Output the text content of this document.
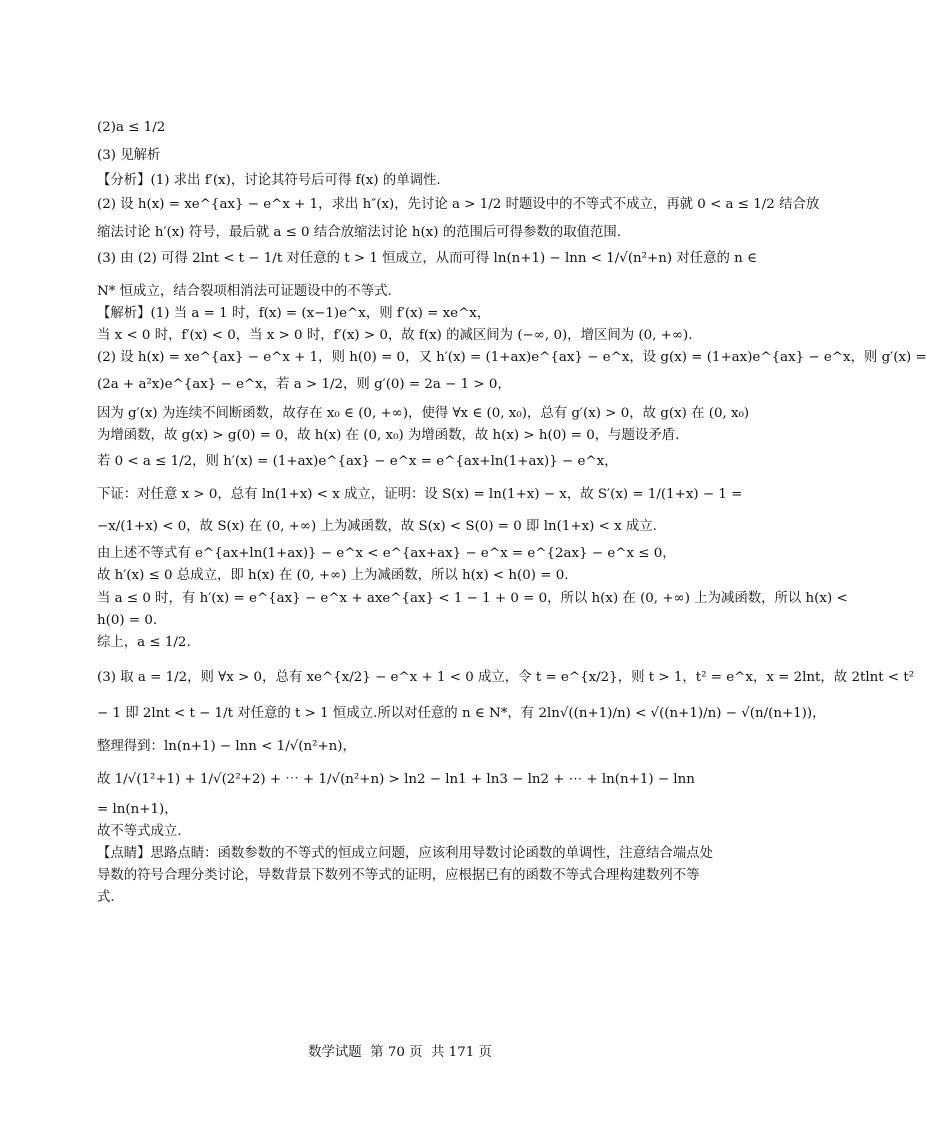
(2)a ≤ 1/2
(3) 见解析
【分析】(1) 求出 f′(x)，讨论其符号后可得 f(x) 的单调性.
(2) 设 h(x) = xe^{ax} − e^x + 1，求出 h″(x)，先讨论 a > 1/2 时题设中的不等式不成立，再就 0 < a ≤ 1/2 结合放
缩法讨论 h′(x) 符号，最后就 a ≤ 0 结合放缩法讨论 h(x) 的范围后可得参数的取值范围.
(3) 由 (2) 可得 2lnt < t − 1/t 对任意的 t > 1 恒成立，从而可得 ln(n+1) − lnn < 1/√(n²+n) 对任意的 n ∈
N* 恒成立，结合裂项相消法可证题设中的不等式.
【解析】(1) 当 a = 1 时，f(x) = (x−1)e^x，则 f′(x) = xe^x，
当 x < 0 时，f′(x) < 0，当 x > 0 时，f′(x) > 0，故 f(x) 的减区间为 (−∞, 0)，增区间为 (0, +∞).
(2) 设 h(x) = xe^{ax} − e^x + 1，则 h(0) = 0，又 h′(x) = (1+ax)e^{ax} − e^x，设 g(x) = (1+ax)e^{ax} − e^x，则 g′(x) =
(2a + a²x)e^{ax} − e^x，若 a > 1/2，则 g′(0) = 2a − 1 > 0，
因为 g′(x) 为连续不间断函数，故存在 x₀ ∈ (0, +∞)，使得 ∀x ∈ (0, x₀)，总有 g′(x) > 0，故 g(x) 在 (0, x₀)
为增函数，故 g(x) > g(0) = 0，故 h(x) 在 (0, x₀) 为增函数，故 h(x) > h(0) = 0，与题设矛盾.
若 0 < a ≤ 1/2，则 h′(x) = (1+ax)e^{ax} − e^x = e^{ax+ln(1+ax)} − e^x，
下证：对任意 x > 0，总有 ln(1+x) < x 成立，证明：设 S(x) = ln(1+x) − x，故 S′(x) = 1/(1+x) − 1 =
−x/(1+x) < 0，故 S(x) 在 (0, +∞) 上为减函数，故 S(x) < S(0) = 0 即 ln(1+x) < x 成立.
由上述不等式有 e^{ax+ln(1+ax)} − e^x < e^{ax+ax} − e^x = e^{2ax} − e^x ≤ 0，
故 h′(x) ≤ 0 总成立，即 h(x) 在 (0, +∞) 上为减函数，所以 h(x) < h(0) = 0.
当 a ≤ 0 时，有 h′(x) = e^{ax} − e^x + axe^{ax} < 1 − 1 + 0 = 0，所以 h(x) 在 (0, +∞) 上为减函数，所以 h(x) <
h(0) = 0.
综上，a ≤ 1/2.
(3) 取 a = 1/2，则 ∀x > 0，总有 xe^{x/2} − e^x + 1 < 0 成立，令 t = e^{x/2}，则 t > 1，t² = e^x，x = 2lnt，故 2tlnt < t²
− 1 即 2lnt < t − 1/t 对任意的 t > 1 恒成立.所以对任意的 n ∈ N*，有 2ln√((n+1)/n) < √((n+1)/n) − √(n/(n+1))，
整理得到：ln(n+1) − lnn < 1/√(n²+n)，
故 1/√(1²+1) + 1/√(2²+2) + ⋯ + 1/√(n²+n) > ln2 − ln1 + ln3 − ln2 + ⋯ + ln(n+1) − lnn
= ln(n+1)，
故不等式成立.
【点睛】思路点睛：函数参数的不等式的恒成立问题，应该利用导数讨论函数的单调性，注意结合端点处
导数的符号合理分类讨论，导数背景下数列不等式的证明，应根据已有的函数不等式合理构建数列不等
式.
数学试题  第 70 页  共 171 页
